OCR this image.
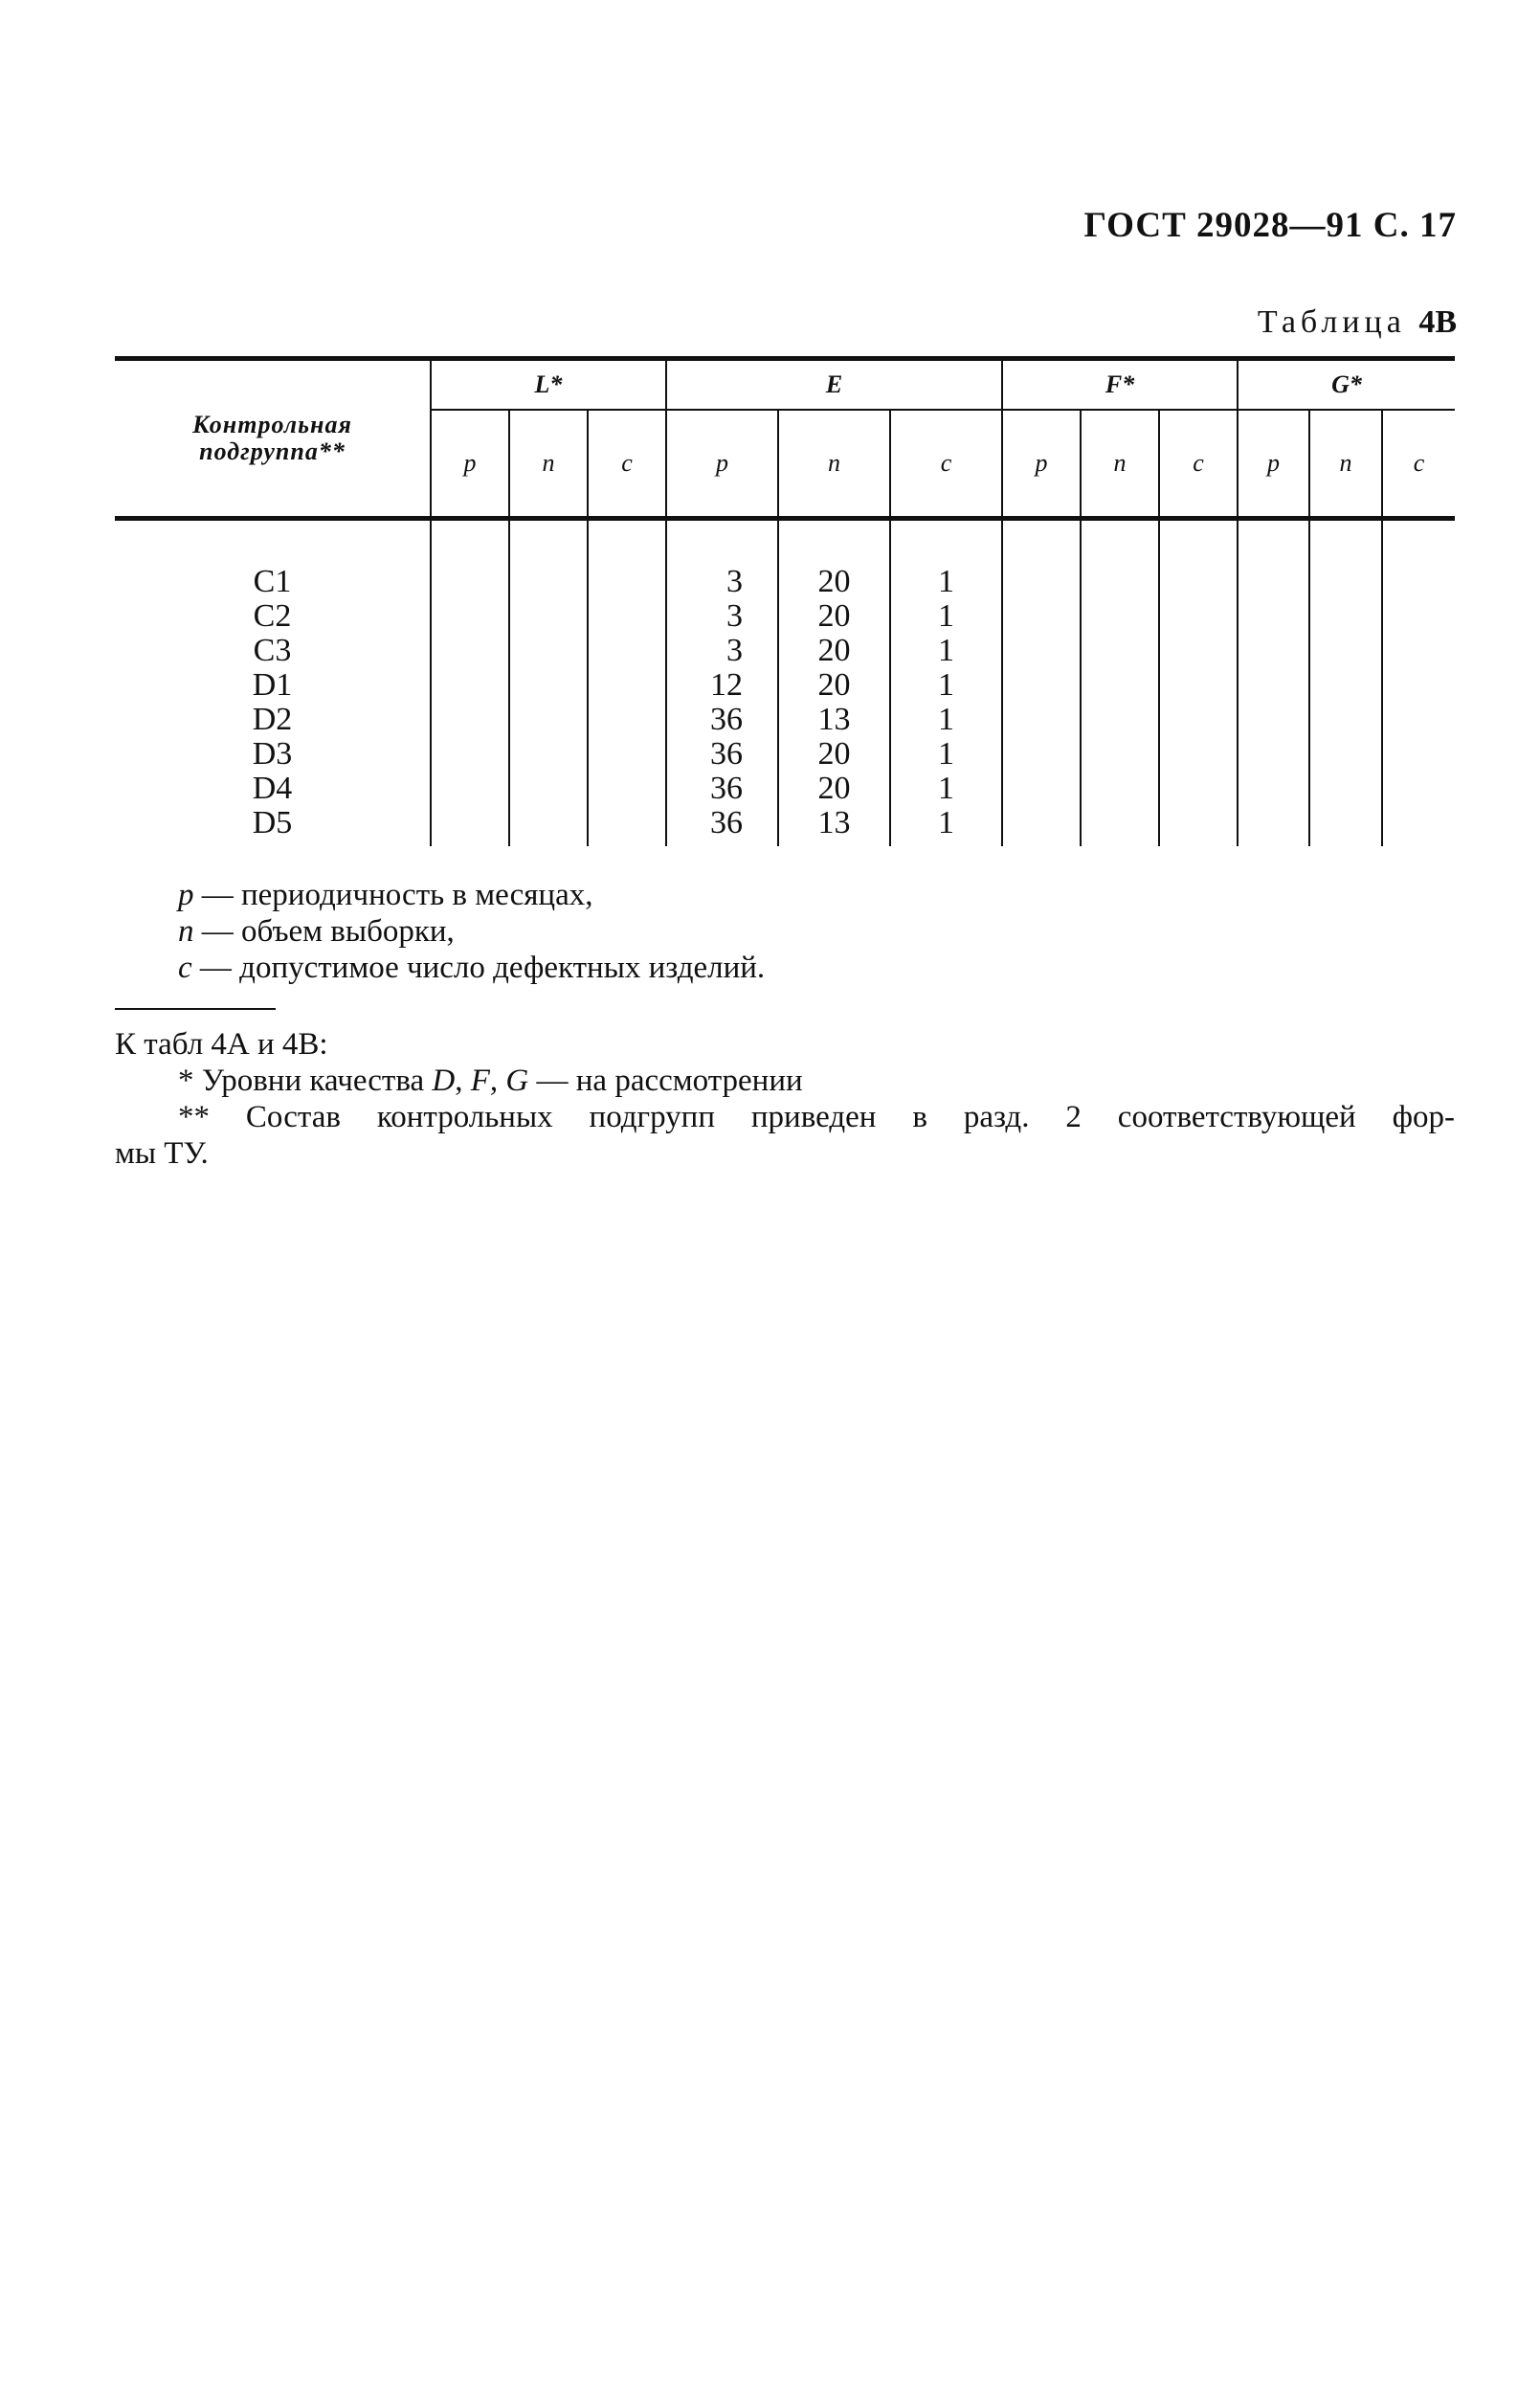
ГОСТ 29028—91 С. 17
Таблица 4В
Контрольная
подгруппа**	L*			E			F*			G*		
	p	n	c	p	n	c	p	n	c	p	n	c
C1				3	20	1						
C2				3	20	1						
C3				3	20	1						
D1				12	20	1						
D2				36	13	1						
D3				36	20	1						
D4				36	20	1						
D5				36	13	1						
p — периодичность в месяцах,
n — объем выборки,
c — допустимое число дефектных изделий.
К табл 4А и 4В:
* Уровни качества D, F, G — на рассмотрении
** Состав контрольных подгрупп приведен в разд. 2 соответствующей фор-
мы ТУ.
